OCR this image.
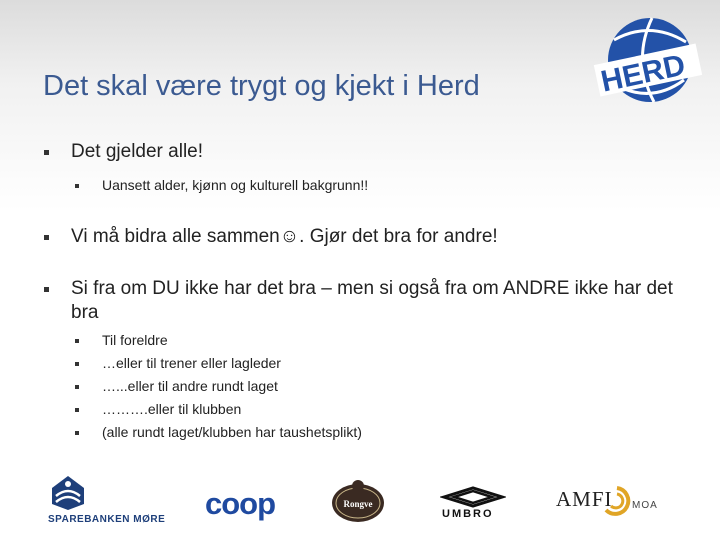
Det skal være trygt og kjekt i Herd	HERD
Det gjelder alle!
Uansett alder, kjønn og kulturell bakgrunn!!
Vi må bidra alle sammen☺. Gjør det bra for andre!
Si fra om DU ikke har det bra – men si også fra om ANDRE ikke har det bra
Til foreldre
…eller til trener eller lagleder
…...eller til andre rundt laget
……….eller til klubben
(alle rundt laget/klubben har taushetsplikt)
SPAREBANKEN MØRE coop	Rongve
UMBRO
AMFI MOA
